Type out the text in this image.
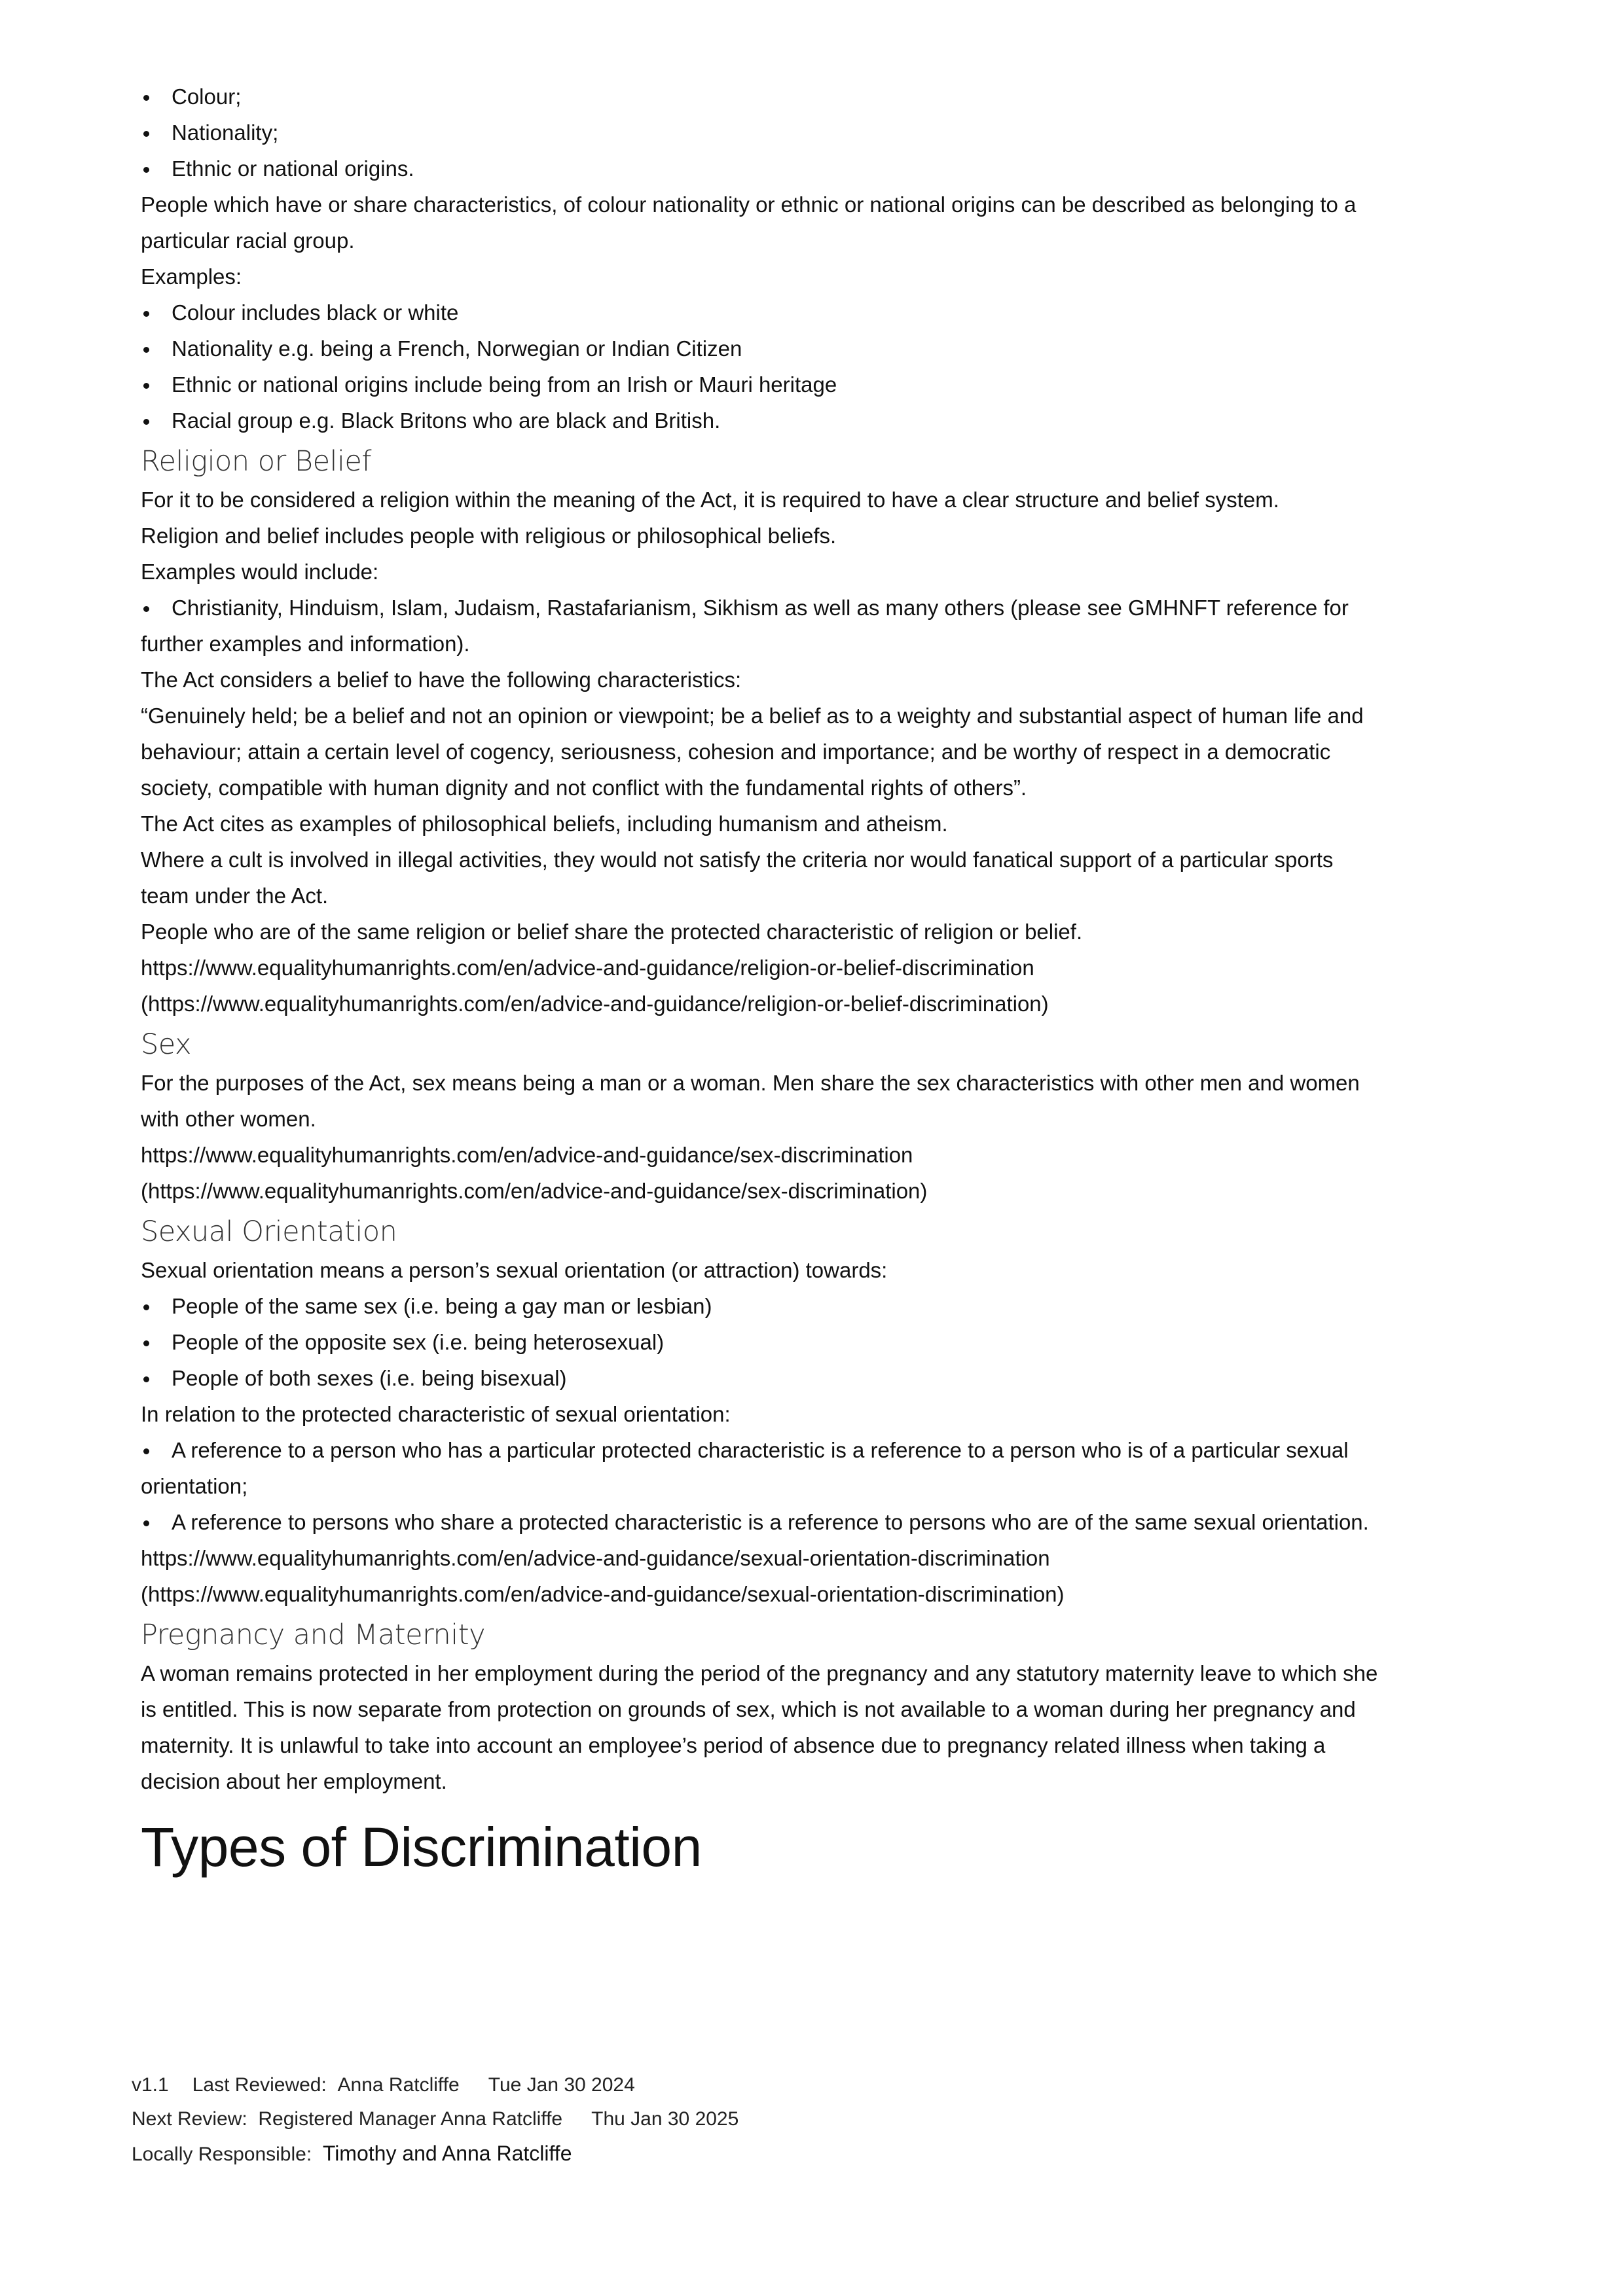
Colour;
Nationality;
Ethnic or national origins.

People which have or share characteristics, of colour nationality or ethnic or national origins can be described as belonging to a particular racial group.

Examples:

Colour includes black or white
Nationality e.g. being a French, Norwegian or Indian Citizen
Ethnic or national origins include being from an Irish or Mauri heritage
Racial group e.g. Black Britons who are black and British.
Religion or Belief

For it to be considered a religion within the meaning of the Act, it is required to have a clear structure and belief system.

Religion and belief includes people with religious or philosophical beliefs.

Examples would include:

Christianity, Hinduism, Islam, Judaism, Rastafarianism, Sikhism as well as many others (please see GMHNFT reference for further examples and information).

The Act considers a belief to have the following characteristics:

“Genuinely held; be a belief and not an opinion or viewpoint; be a belief as to a weighty and substantial aspect of human life and behaviour; attain a certain level of cogency, seriousness, cohesion and importance; and be worthy of respect in a democratic society, compatible with human dignity and not conflict with the fundamental rights of others”.

The Act cites as examples of philosophical beliefs, including humanism and atheism.

Where a cult is involved in illegal activities, they would not satisfy the criteria nor would fanatical support of a particular sports team under the Act.

People who are of the same religion or belief share the protected characteristic of religion or belief.

https://www.equalityhumanrights.com/en/advice-and-guidance/religion-or-belief-discrimination

(https://www.equalityhumanrights.com/en/advice-and-guidance/religion-or-belief-discrimination)

Sex

For the purposes of the Act, sex means being a man or a woman. Men share the sex characteristics with other men and women with other women.

https://www.equalityhumanrights.com/en/advice-and-guidance/sex-discrimination

(https://www.equalityhumanrights.com/en/advice-and-guidance/sex-discrimination)

Sexual Orientation

Sexual orientation means a person’s sexual orientation (or attraction) towards:

People of the same sex (i.e. being a gay man or lesbian)
People of the opposite sex (i.e. being heterosexual)
People of both sexes (i.e. being bisexual)

In relation to the protected characteristic of sexual orientation:

A reference to a person who has a particular protected characteristic is a reference to a person who is of a particular sexual orientation;
A reference to persons who share a protected characteristic is a reference to persons who are of the same sexual orientation.

https://www.equalityhumanrights.com/en/advice-and-guidance/sexual-orientation-discrimination

(https://www.equalityhumanrights.com/en/advice-and-guidance/sexual-orientation-discrimination)

Pregnancy and Maternity

A woman remains protected in her employment during the period of the pregnancy and any statutory maternity leave to which she is entitled. This is now separate from protection on grounds of sex, which is not available to a woman during her pregnancy and maternity. It is unlawful to take into account an employee’s period of absence due to pregnancy related illness when taking a decision about her employment.

Types of Discrimination
v1.1 Last Reviewed: Anna Ratcliffe Tue Jan 30 2024
Next Review: Registered Manager Anna Ratcliffe Thu Jan 30 2025
Locally Responsible: Timothy and Anna Ratcliffe
